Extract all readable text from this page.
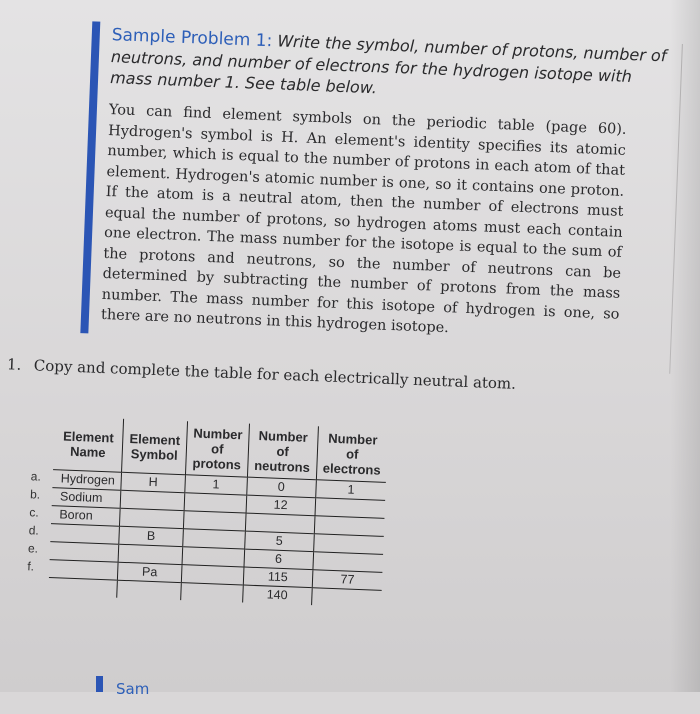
Sample Problem 1: Write the symbol, number of protons, number of neutrons, and number of electrons for the hydrogen isotope with mass number 1. See table below.
You can find element symbols on the periodic table (page 60). Hydrogen's symbol is H. An element's identity specifies its atomic number, which is equal to the number of protons in each atom of that element. Hydrogen's atomic number is one, so it contains one proton. If the atom is a neutral atom, then the number of electrons must equal the number of protons, so hydrogen atoms must each contain one electron. The mass number for the isotope is equal to the sum of the protons and neutrons, so the number of neutrons can be determined by subtracting the number of protons from the mass number. The mass number for this isotope of hydrogen is one, so there are no neutrons in this hydrogen isotope.
1. Copy and complete the table for each electrically neutral atom.
a.
b.
c.
d.
e.
f.
Element Name	Element Symbol	Number of protons	Number of neutrons	Number of electrons
Hydrogen	H	1	0	1
Sodium			12	
Boron				
	B		5	
			6	
	Pa		115	77
			140	
Sam
